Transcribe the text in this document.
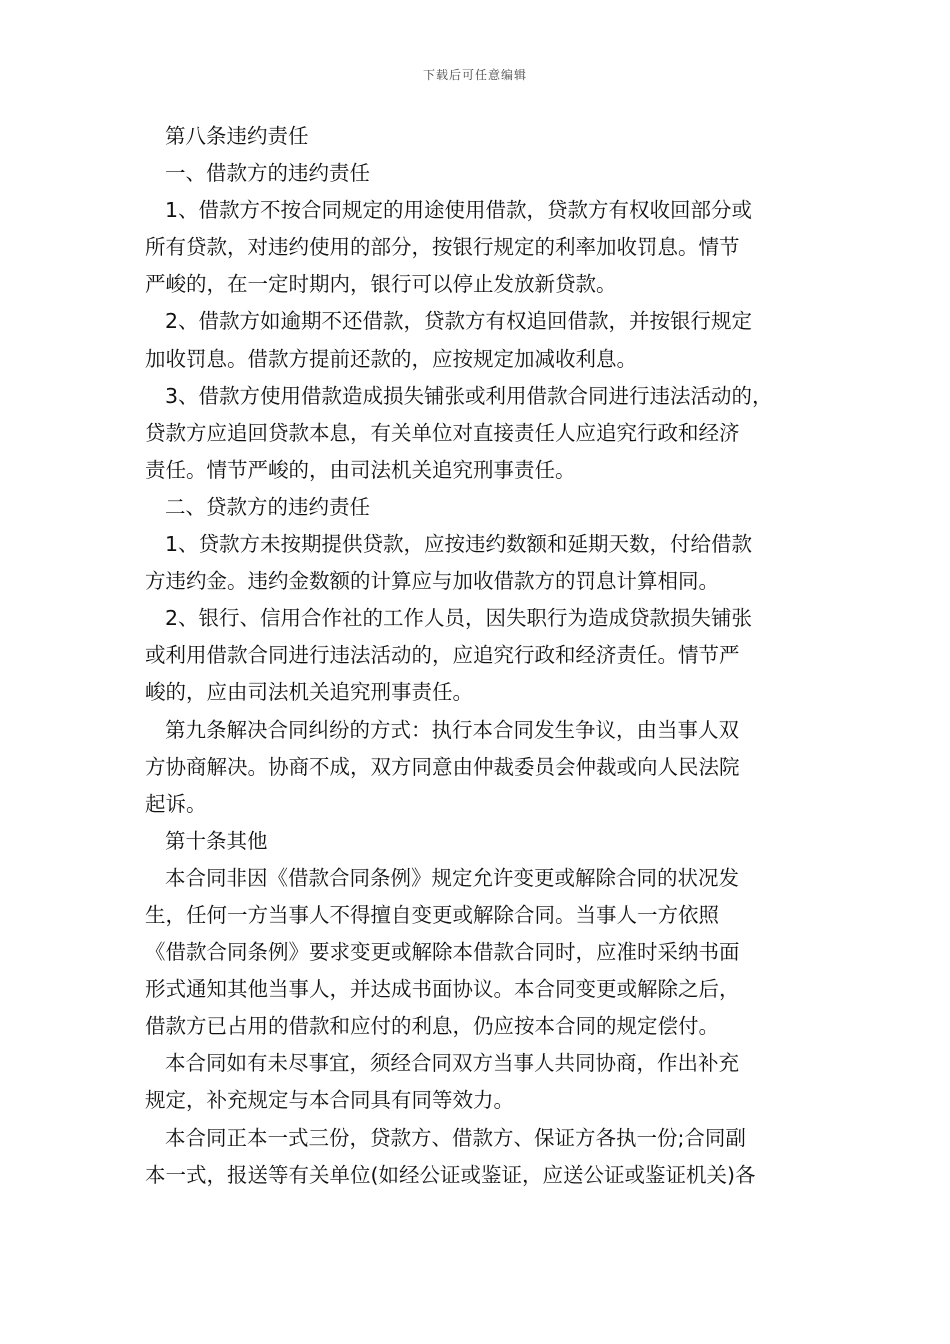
下载后可任意编辑
第八条违约责任
一、借款方的违约责任
1、借款方不按合同规定的用途使用借款，贷款方有权收回部分或
所有贷款，对违约使用的部分，按银行规定的利率加收罚息。情节
严峻的，在一定时期内，银行可以停止发放新贷款。
2、借款方如逾期不还借款，贷款方有权追回借款，并按银行规定
加收罚息。借款方提前还款的，应按规定加减收利息。
3、借款方使用借款造成损失铺张或利用借款合同进行违法活动的，
贷款方应追回贷款本息，有关单位对直接责任人应追究行政和经济
责任。情节严峻的，由司法机关追究刑事责任。
二、贷款方的违约责任
1、贷款方未按期提供贷款，应按违约数额和延期天数，付给借款
方违约金。违约金数额的计算应与加收借款方的罚息计算相同。
2、银行、信用合作社的工作人员，因失职行为造成贷款损失铺张
或利用借款合同进行违法活动的，应追究行政和经济责任。情节严
峻的，应由司法机关追究刑事责任。
第九条解决合同纠纷的方式：执行本合同发生争议，由当事人双
方协商解决。协商不成，双方同意由仲裁委员会仲裁或向人民法院
起诉。
第十条其他
本合同非因《借款合同条例》规定允许变更或解除合同的状况发
生，任何一方当事人不得擅自变更或解除合同。当事人一方依照
《借款合同条例》要求变更或解除本借款合同时，应准时采纳书面
形式通知其他当事人，并达成书面协议。本合同变更或解除之后，
借款方已占用的借款和应付的利息，仍应按本合同的规定偿付。
本合同如有未尽事宜，须经合同双方当事人共同协商，作出补充
规定，补充规定与本合同具有同等效力。
本合同正本一式三份，贷款方、借款方、保证方各执一份;合同副
本一式，报送等有关单位(如经公证或鉴证，应送公证或鉴证机关)各
